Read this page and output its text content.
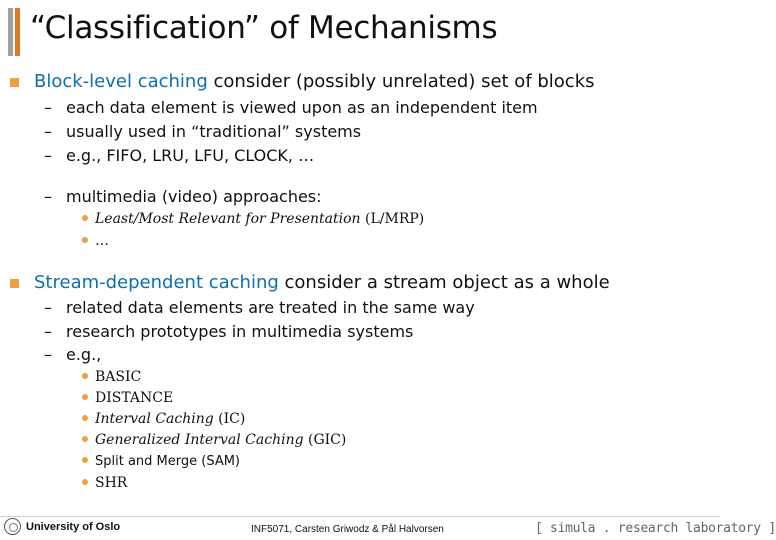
“Classification” of Mechanisms
Block-level caching consider (possibly unrelated) set of blocks
– each data element is viewed upon as an independent item
– usually used in “traditional” systems
– e.g., FIFO, LRU, LFU, CLOCK, …
– multimedia (video) approaches:
Least/Most Relevant for Presentation (L/MRP)
…
Stream-dependent caching consider a stream object as a whole
– related data elements are treated in the same way
– research prototypes in multimedia systems
– e.g.,
BASIC
DISTANCE
Interval Caching (IC)
Generalized Interval Caching (GIC)
Split and Merge (SAM)
SHR
University of Oslo	INF5071, Carsten Griwodz & Pål Halvorsen	[ simula . research laboratory ]
